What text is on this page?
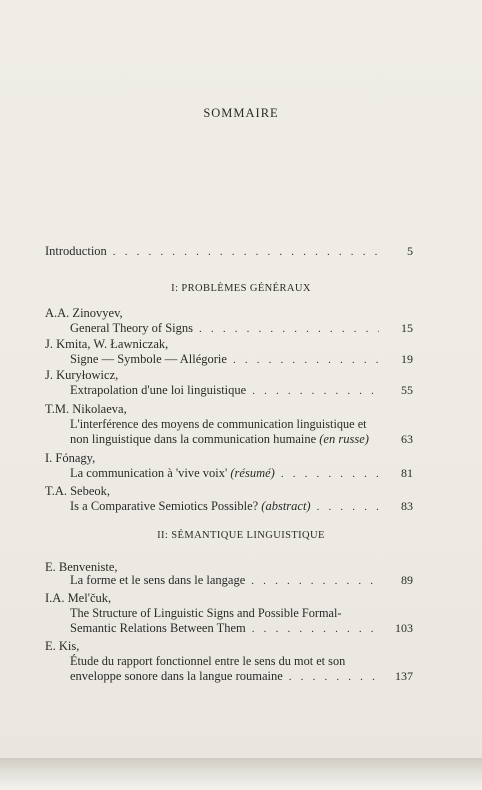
SOMMAIRE
Introduction . . .	5
I: PROBLÈMES GÉNÉRAUX
A.A. Zinovyev,
General Theory of Signs . . .	15
J. Kmita, W. Ławniczak,
Signe — Symbole — Allégorie . . .	19
J. Kuryłowicz,
Extrapolation d'une loi linguistique . . .	55
T.M. Nikolaeva,
L'interférence des moyens de communication linguistique et
non linguistique dans la communication humaine (en russe)	63
I. Fónagy,
La communication à 'vive voix' (résumé) . . .	81
T.A. Sebeok,
Is a Comparative Semiotics Possible? (abstract) . . .	83
II: SÉMANTIQUE LINGUISTIQUE
E. Benveniste,
La forme et le sens dans le langage . . .	89
I.A. Mel'čuk,
The Structure of Linguistic Signs and Possible Formal-
Semantic Relations Between Them . . .	103
E. Kis,
Étude du rapport fonctionnel entre le sens du mot et son
enveloppe sonore dans la langue roumaine . . .	137
